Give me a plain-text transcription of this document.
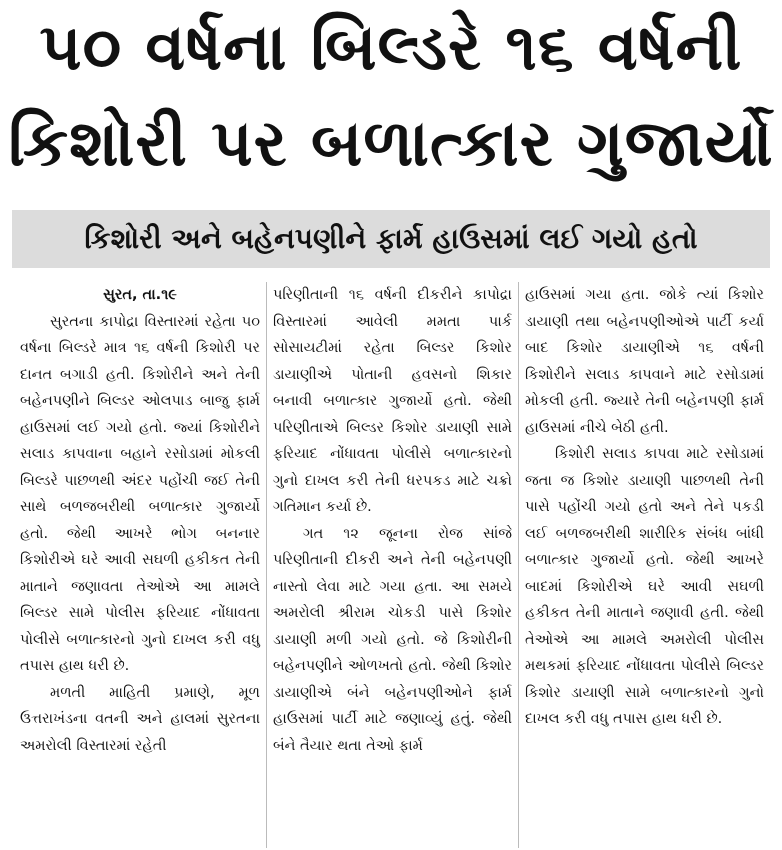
૫૦ વર્ષના બિલ્ડરે ૧૬ વર્ષની કિશોરી પર બળાત્કાર ગુજાર્યો
કિશોરી અને બહેનપણીને ફાર્મ હાઉસમાં લઈ ગયો હતો
સુરત, તા.૧૯

સુરતના કાપોદ્રા વિસ્તારમાં રહેતા ૫૦ વર્ષના બિલ્ડરે માત્ર ૧૬ વર્ષની કિશોરી પર દાનત બગાડી હતી. કિશોરીને અને તેની બહેનપણીને બિલ્ડર ઓલપાડ બાજુ ફાર્મ હાઉસમાં લઈ ગયો હતો. જ્યાં કિશોરીને સલાડ કાપવાના બહાને રસોડામાં મોકલી બિલ્ડરે પાછળથી અંદર પહોંચી જઈ તેની સાથે બળજબરીથી બળાત્કાર ગુજાર્યો હતો. જેથી આખરે ભોગ બનનાર કિશોરીએ ઘરે આવી સઘળી હકીકત તેની માતાને જણાવતા તેઓએ આ મામલે બિલ્ડર સામે પોલીસ ફરિયાદ નોંધાવતા પોલીસે બળાત્કારનો ગુનો દાખલ કરી વધુ તપાસ હાથ ધરી છે.

મળતી માહિતી પ્રમાણે, મૂળ ઉત્તરાખંડના વતની અને હાલમાં સુરતના અમરોલી વિસ્તારમાં રહેતી

પરિણીતાની ૧૬ વર્ષની દીકરીને કાપોદ્રા વિસ્તારમાં આવેલી મમતા પાર્ક સોસાયટીમાં રહેતા બિલ્ડર કિશોર ડાયાણીએ પોતાની હવસનો શિકાર બનાવી બળાત્કાર ગુજાર્યો હતો. જેથી પરિણીતાએ બિલ્ડર કિશોર ડાયાણી સામે ફરિયાદ નોંધાવતા પોલીસે બળાત્કારનો ગુનો દાખલ કરી તેની ધરપકડ માટે ચક્રો ગતિમાન કર્યા છે.

ગત ૧૨ જૂનના રોજ સાંજે પરિણીતાની દીકરી અને તેની બહેનપણી નાસ્તો લેવા માટે ગયા હતા. આ સમયે અમરોલી શ્રીરામ ચોકડી પાસે કિશોર ડાયાણી મળી ગયો હતો. જે કિશોરીની બહેનપણીને ઓળખતો હતો. જેથી કિશોર ડાયાણીએ બંને બહેનપણીઓને ફાર્મ હાઉસમાં પાર્ટી માટે જણાવ્યું હતું. જેથી બંને તૈયાર થતા તેઓ ફાર્મ

હાઉસમાં ગયા હતા. જોકે ત્યાં કિશોર ડાયાણી તથા બહેનપણીઓએ પાર્ટી કર્યા બાદ કિશોર ડાયાણીએ ૧૬ વર્ષની કિશોરીને સલાડ કાપવાને માટે રસોડામાં મોકલી હતી. જ્યારે તેની બહેનપણી ફાર્મ હાઉસમાં નીચે બેઠી હતી.

કિશોરી સલાડ કાપવા માટે રસોડામાં જતા જ કિશોર ડાયાણી પાછળથી તેની પાસે પહોંચી ગયો હતો અને તેને પકડી લઈ બળજબરીથી શારીરિક સંબંધ બાંધી બળાત્કાર ગુજાર્યો હતો. જેથી આખરે બાદમાં કિશોરીએ ઘરે આવી સઘળી હકીકત તેની માતાને જણાવી હતી. જેથી તેઓએ આ મામલે અમરોલી પોલીસ મથકમાં ફરિયાદ નોંધાવતા પોલીસે બિલ્ડર કિશોર ડાયાણી સામે બળાત્કારનો ગુનો દાખલ કરી વધુ તપાસ હાથ ધરી છે.
